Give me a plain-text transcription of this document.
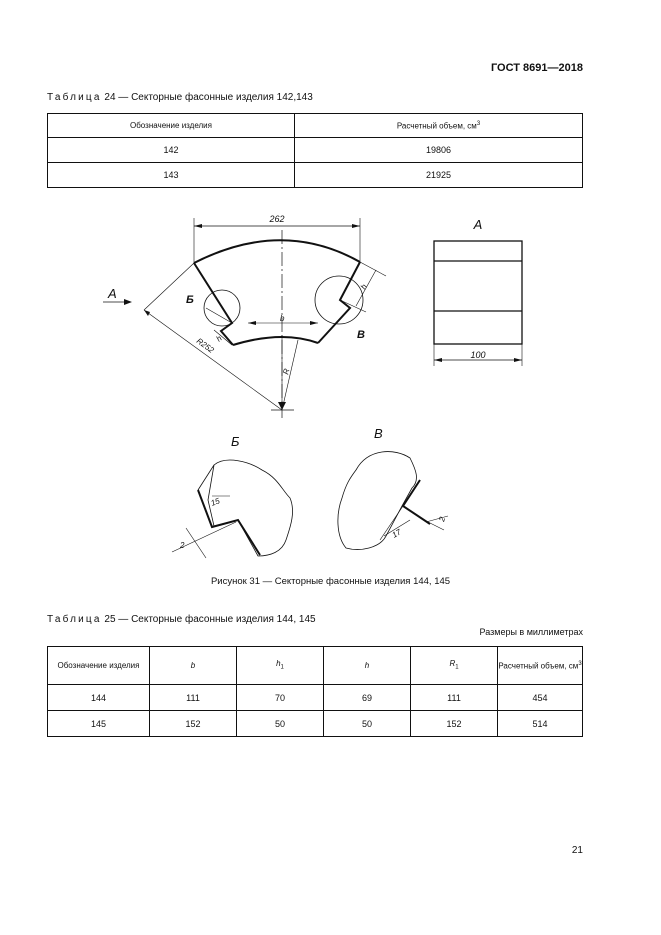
ГОСТ 8691—2018
Таблица 24 — Секторные фасонные изделия 142,143
Обозначение изделия	Расчетный объем, $см^3$
142	19806
143	21925
262	А
100
А	Б
В
b
h
h
R
R252
Б
В
15
2
17
2
Рисунок 31 — Секторные фасонные изделия 144, 145
Таблица 25 — Секторные фасонные изделия 144, 145
Размеры в миллиметрах
Обозначение изделия	b	$h_1$	h	$R_1$	Расчетный объем, $см^3$
144	111	70	69	111	454
145	152	50	50	152	514
21
